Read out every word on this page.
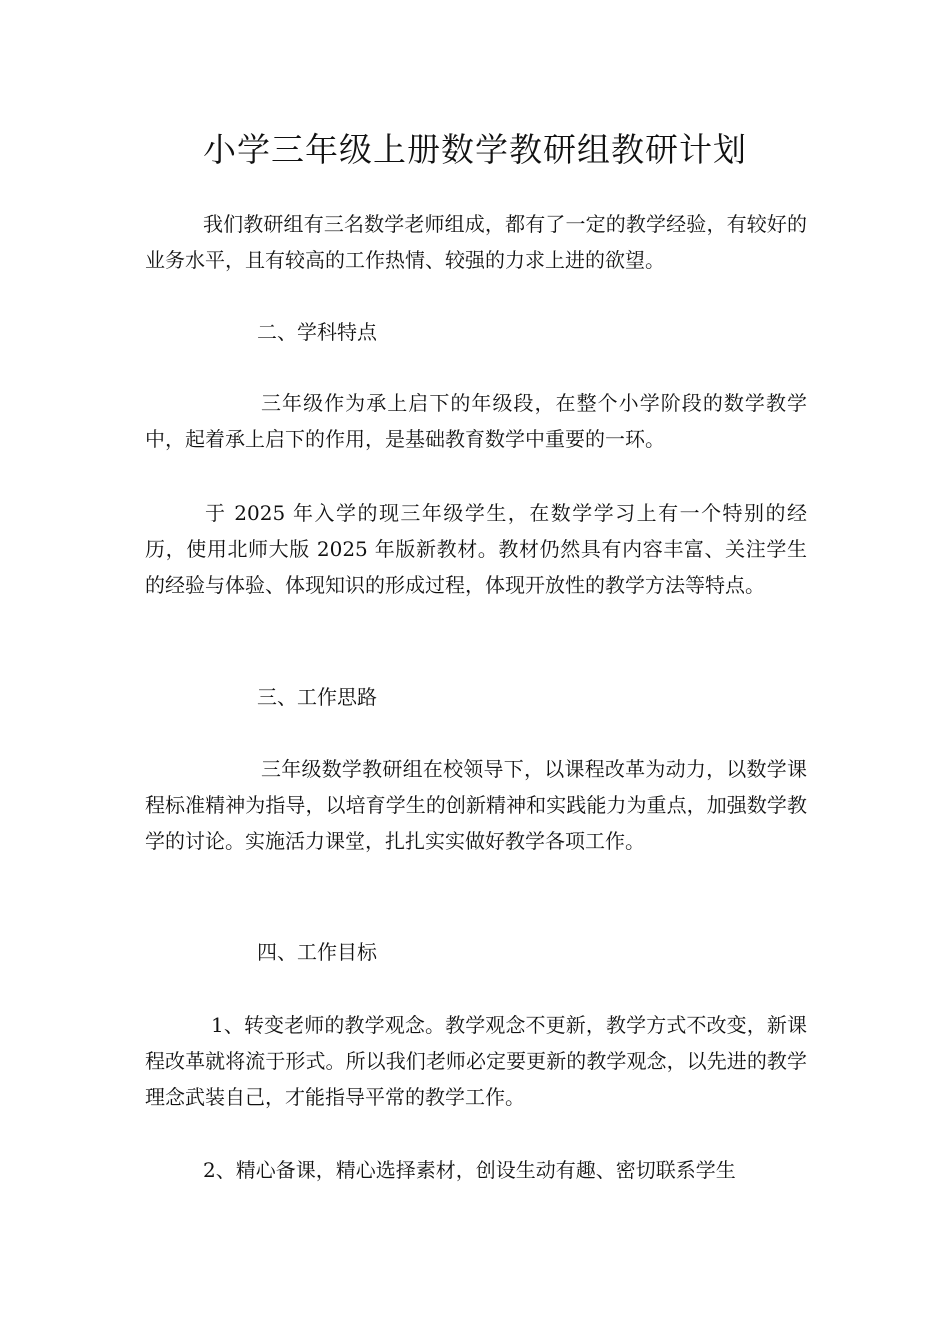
小学三年级上册数学教研组教研计划

我们教研组有三名数学老师组成，都有了一定的教学经验，有较好的业务水平，且有较高的工作热情、较强的力求上进的欲望。

二、学科特点

三年级作为承上启下的年级段，在整个小学阶段的数学教学中，起着承上启下的作用，是基础教育数学中重要的一环。

于 2025 年入学的现三年级学生，在数学学习上有一个特别的经历，使用北师大版 2025 年版新教材。教材仍然具有内容丰富、关注学生的经验与体验、体现知识的形成过程，体现开放性的教学方法等特点。

三、工作思路

三年级数学教研组在校领导下，以课程改革为动力，以数学课程标准精神为指导，以培育学生的创新精神和实践能力为重点，加强数学教学的讨论。实施活力课堂，扎扎实实做好教学各项工作。

四、工作目标

1、转变老师的教学观念。教学观念不更新，教学方式不改变，新课程改革就将流于形式。所以我们老师必定要更新的教学观念，以先进的教学理念武装自己，才能指导平常的教学工作。

2、精心备课，精心选择素材，创设生动有趣、密切联系学生
